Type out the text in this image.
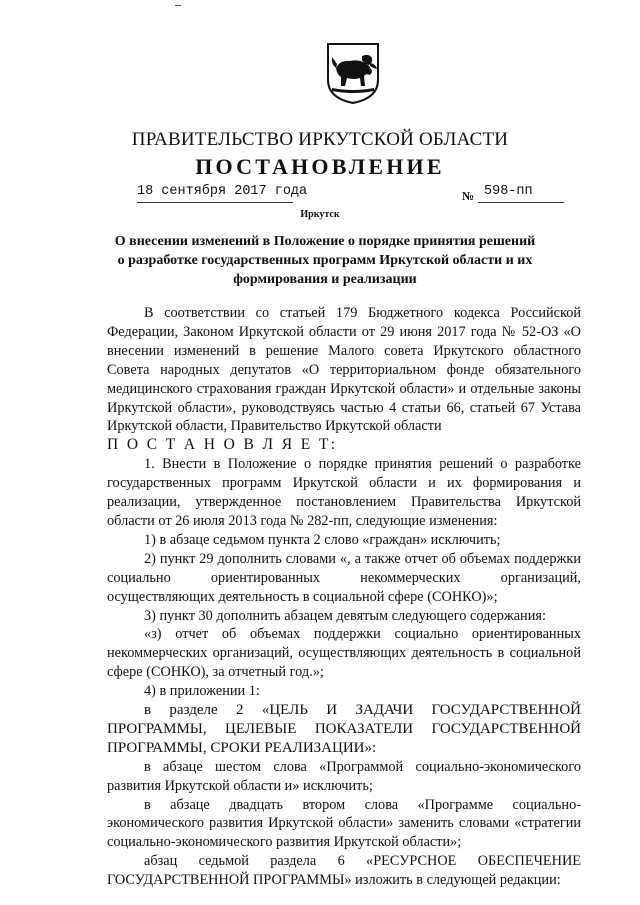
ПРАВИТЕЛЬСТВО ИРКУТСКОЙ ОБЛАСТИ
ПОСТАНОВЛЕНИЕ
18 сентября 2017 года	№ 598-пп
Иркутск
О внесении изменений в Положение о порядке принятия решений о разработке государственных программ Иркутской области и их формирования и реализации

В соответствии со статьей 179 Бюджетного кодекса Российской Федерации, Законом Иркутской области от 29 июня 2017 года № 52-ОЗ «О внесении изменений в решение Малого совета Иркутского областного Совета народных депутатов «О территориальном фонде обязательного медицинского страхования граждан Иркутской области» и отдельные законы Иркутской области», руководствуясь частью 4 статьи 66, статьей 67 Устава Иркутской области, Правительство Иркутской области

П О С Т А Н О В Л Я Е Т:

1. Внести в Положение о порядке принятия решений о разработке государственных программ Иркутской области и их формирования и реализации, утвержденное постановлением Правительства Иркутской области от 26 июля 2013 года № 282-пп, следующие изменения:

1) в абзаце седьмом пункта 2 слово «граждан» исключить;

2) пункт 29 дополнить словами «, а также отчет об объемах поддержки социально ориентированных некоммерческих организаций, осуществляющих деятельность в социальной сфере (СОНКО)»;

3) пункт 30 дополнить абзацем девятым следующего содержания:

«з) отчет об объемах поддержки социально ориентированных некоммерческих организаций, осуществляющих деятельность в социальной сфере (СОНКО), за отчетный год.»;

4) в приложении 1:

в разделе 2 «ЦЕЛЬ И ЗАДАЧИ ГОСУДАРСТВЕННОЙ ПРОГРАММЫ, ЦЕЛЕВЫЕ ПОКАЗАТЕЛИ ГОСУДАРСТВЕННОЙ ПРОГРАММЫ, СРОКИ РЕАЛИЗАЦИИ»:

в абзаце шестом слова «Программой социально-экономического развития Иркутской области и» исключить;

в абзаце двадцать втором слова «Программе социально-экономического развития Иркутской области» заменить словами «стратегии социально-экономического развития Иркутской области»;

абзац седьмой раздела 6 «РЕСУРСНОЕ ОБЕСПЕЧЕНИЕ ГОСУДАРСТВЕННОЙ ПРОГРАММЫ» изложить в следующей редакции:
